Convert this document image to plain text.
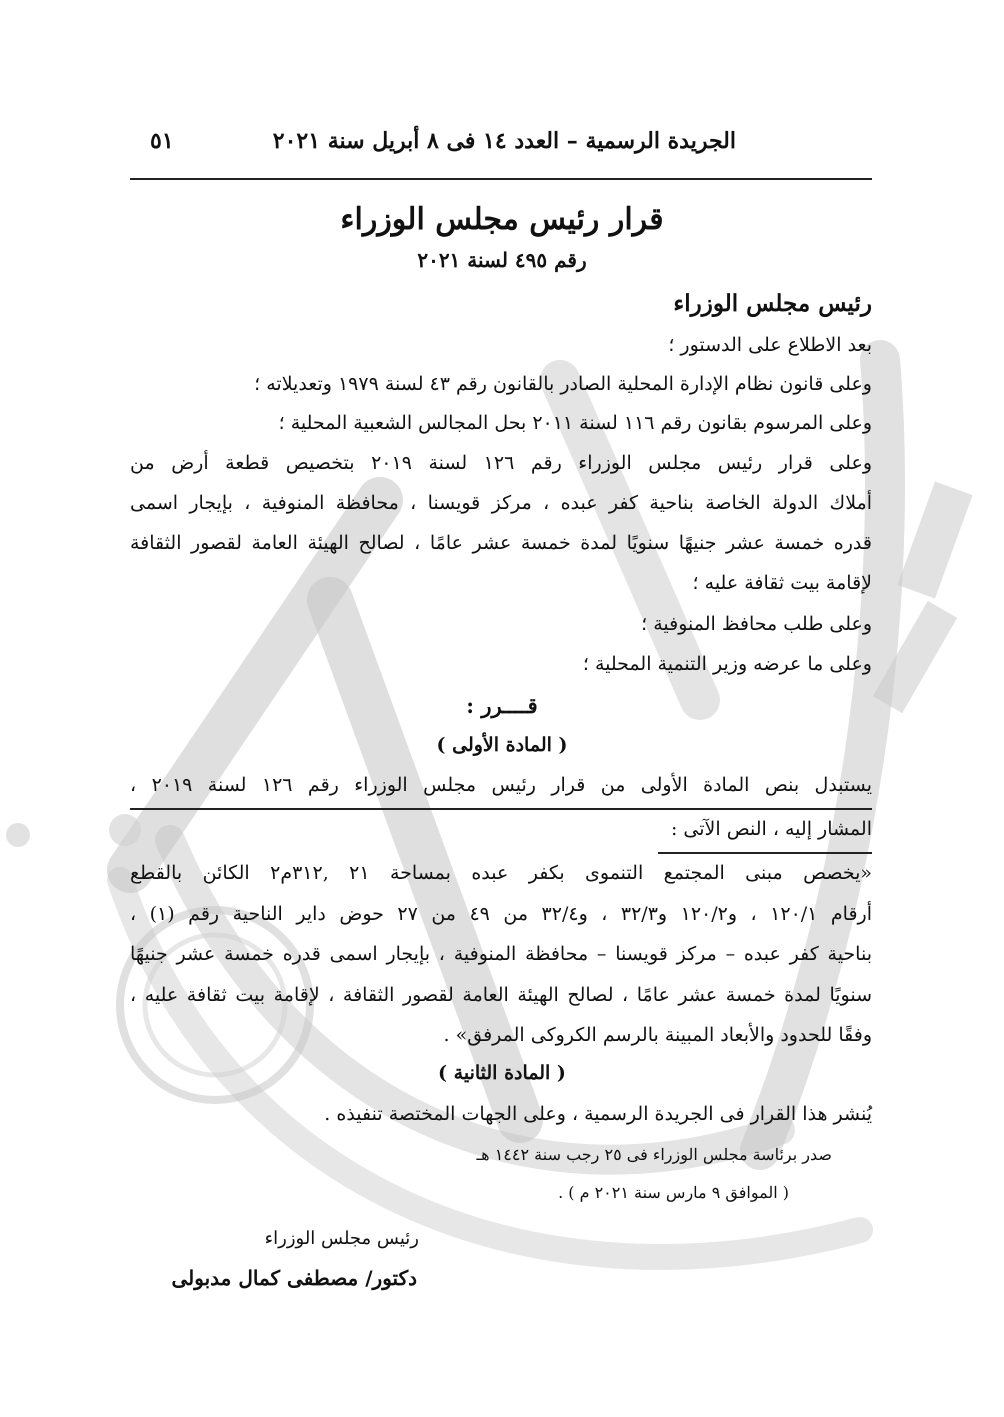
الجريدة الرسمية – العدد ١٤ فى ٨ أبريل سنة ٢٠٢١
٥١
قرار رئيس مجلس الوزراء
رقم ٤٩٥ لسنة ٢٠٢١
رئيس مجلس الوزراء
بعد الاطلاع على الدستور ؛
وعلى قانون نظام الإدارة المحلية الصادر بالقانون رقم ٤٣ لسنة ١٩٧٩ وتعديلاته ؛
وعلى المرسوم بقانون رقم ١١٦ لسنة ٢٠١١ بحل المجالس الشعبية المحلية ؛
وعلى قرار رئيس مجلس الوزراء رقم ١٢٦ لسنة ٢٠١٩ بتخصيص قطعة أرض من
أملاك الدولة الخاصة بناحية كفر عبده ، مركز قويسنا ، محافظة المنوفية ، بإيجار اسمى
قدره خمسة عشر جنيهًا سنويًا لمدة خمسة عشر عامًا ، لصالح الهيئة العامة لقصور الثقافة
لإقامة بيت ثقافة عليه ؛
وعلى طلب محافظ المنوفية ؛
وعلى ما عرضه وزير التنمية المحلية ؛
قــــرر :
( المادة الأولى )
يستبدل بنص المادة الأولى من قرار رئيس مجلس الوزراء رقم ١٢٦ لسنة ٢٠١٩ ،
المشار إليه ، النص الآتى :
«يخصص مبنى المجتمع التنموى بكفر عبده بمساحة ٢١ ,٣١٢م٢ الكائن بالقطع
أرقام ١٢٠/١ ، و١٢٠/٢ و٣٢/٣ ، و٣٢/٤ من ٤٩ من ٢٧ حوض داير الناحية رقم (١) ،
بناحية كفر عبده – مركز قويسنا – محافظة المنوفية ، بإيجار اسمى قدره خمسة عشر جنيهًا
سنويًا لمدة خمسة عشر عامًا ، لصالح الهيئة العامة لقصور الثقافة ، لإقامة بيت ثقافة عليه ،
وفقًا للحدود والأبعاد المبينة بالرسم الكروكى المرفق» .
( المادة الثانية )
يُنشر هذا القرار فى الجريدة الرسمية ، وعلى الجهات المختصة تنفيذه .
صدر برئاسة مجلس الوزراء فى ٢٥ رجب سنة ١٤٤٢ هـ
( الموافق ٩ مارس سنة ٢٠٢١ م ) .
رئيس مجلس الوزراء
دكتور/ مصطفى كمال مدبولى
